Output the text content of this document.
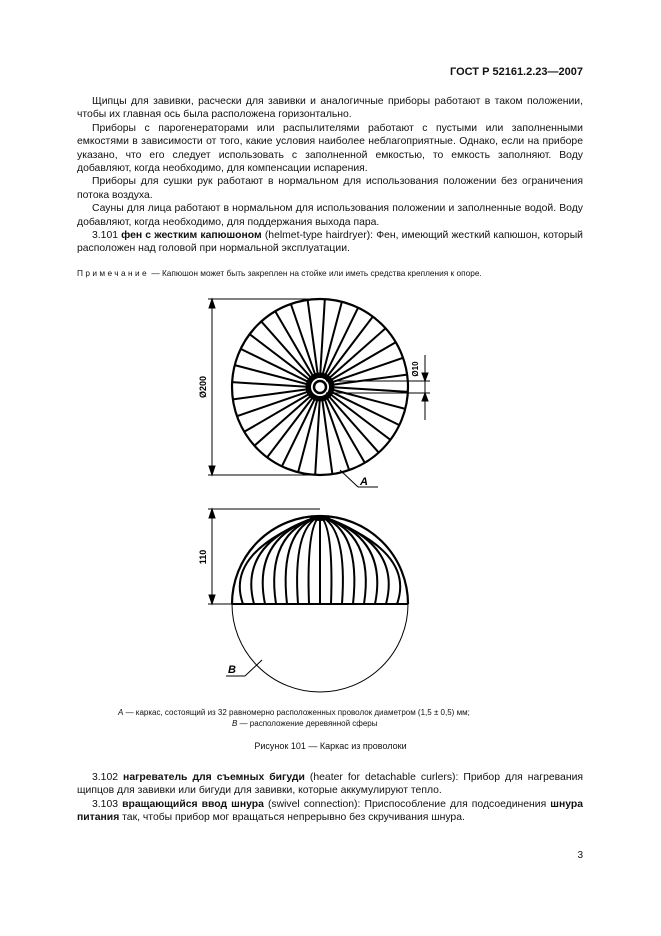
ГОСТ Р 52161.2.23—2007

Щипцы для завивки, расчески для завивки и аналогичные приборы работают в таком положении, чтобы их главная ось была расположена горизонтально.

Приборы с парогенераторами или распылителями работают с пустыми или заполненными емкостями в зависимости от того, какие условия наиболее неблагоприятные. Однако, если на приборе указано, что его следует использовать с заполненной емкостью, то емкость заполняют. Воду добавляют, когда необходимо, для компенсации испарения.

Приборы для сушки рук работают в нормальном для использования положении без ограничения потока воздуха.

Сауны для лица работают в нормальном для использования положении и заполненные водой. Воду добавляют, когда необходимо, для поддержания выхода пара.

3.101 фен с жестким капюшоном (helmet-type hairdryer): Фен, имеющий жесткий капюшон, который расположен над головой при нормальной эксплуатации.

Примечание — Капюшон может быть закреплен на стойке или иметь средства крепления к опоре.
Ø200
Ø10
A
110
B
A — каркас, состоящий из 32 равномерно расположенных проволок диаметром (1,5 ± 0,5) мм;
B — расположение деревянной сферы
Рисунок 101 — Каркас из проволоки

3.102 нагреватель для съемных бигуди (heater for detachable curlers): Прибор для нагревания щипцов для завивки или бигуди для завивки, которые аккумулируют тепло.

3.103 вращающийся ввод шнура (swivel connection): Приспособление для подсоединения шнура питания так, чтобы прибор мог вращаться непрерывно без скручивания шнура.

3
